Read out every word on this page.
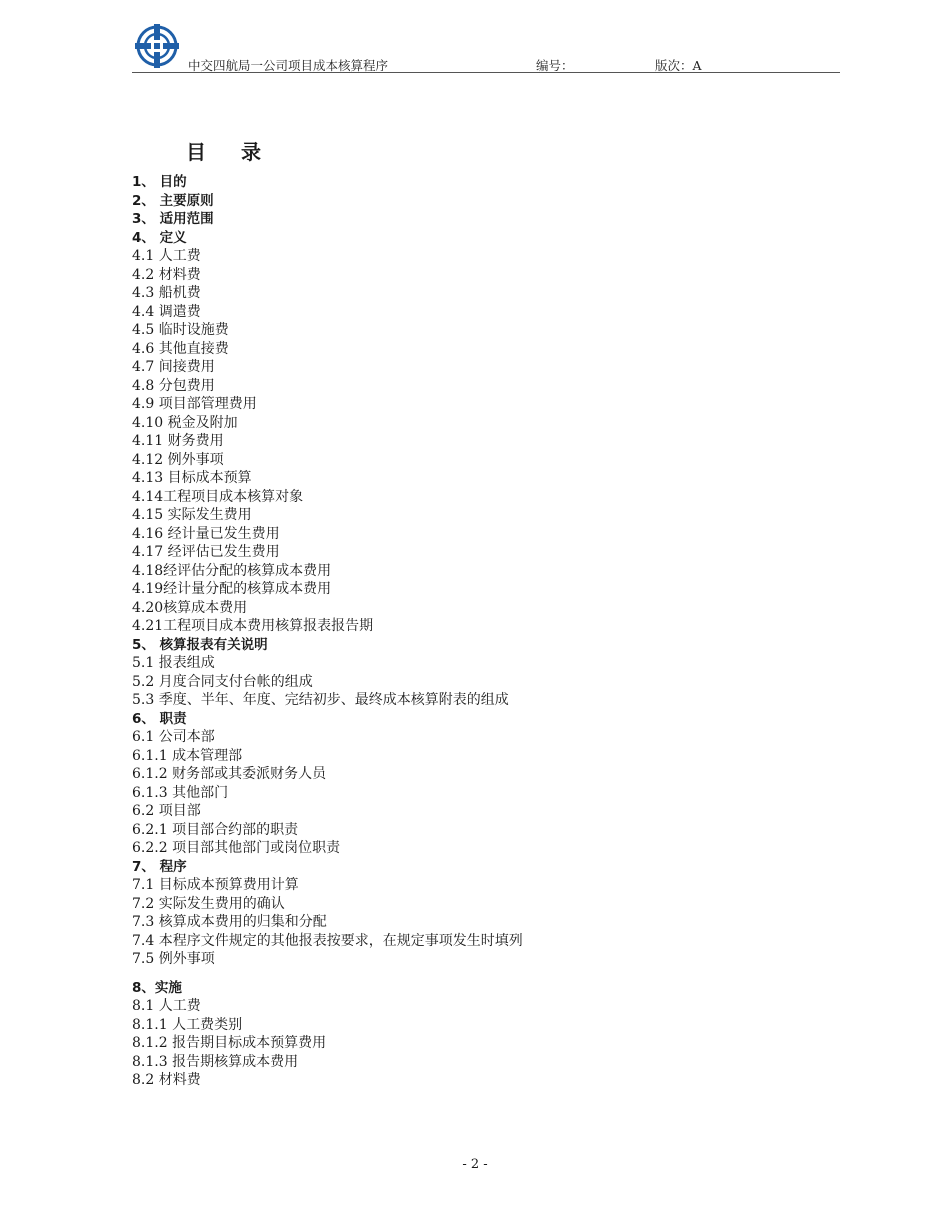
中交四航局一公司项目成本核算程序	编号：	版次：A
目 录
1、 目的
2、 主要原则
3、 适用范围
4、 定义
4.1 人工费
4.2 材料费
4.3 船机费
4.4 调遣费
4.5 临时设施费
4.6 其他直接费
4.7 间接费用
4.8 分包费用
4.9 项目部管理费用
4.10 税金及附加
4.11 财务费用
4.12 例外事项
4.13 目标成本预算
4.14工程项目成本核算对象
4.15 实际发生费用
4.16 经计量已发生费用
4.17 经评估已发生费用
4.18经评估分配的核算成本费用
4.19经计量分配的核算成本费用
4.20核算成本费用
4.21工程项目成本费用核算报表报告期
5、 核算报表有关说明
5.1 报表组成
5.2 月度合同支付台帐的组成
5.3 季度、半年、年度、完结初步、最终成本核算附表的组成
6、 职责
6.1 公司本部
6.1.1 成本管理部
6.1.2 财务部或其委派财务人员
6.1.3 其他部门
6.2 项目部
6.2.1 项目部合约部的职责
6.2.2 项目部其他部门或岗位职责
7、 程序
7.1 目标成本预算费用计算
7.2 实际发生费用的确认
7.3 核算成本费用的归集和分配
7.4 本程序文件规定的其他报表按要求，在规定事项发生时填列
7.5 例外事项
8、实施
8.1 人工费
8.1.1 人工费类别
8.1.2 报告期目标成本预算费用
8.1.3 报告期核算成本费用
8.2 材料费
- 2 -
